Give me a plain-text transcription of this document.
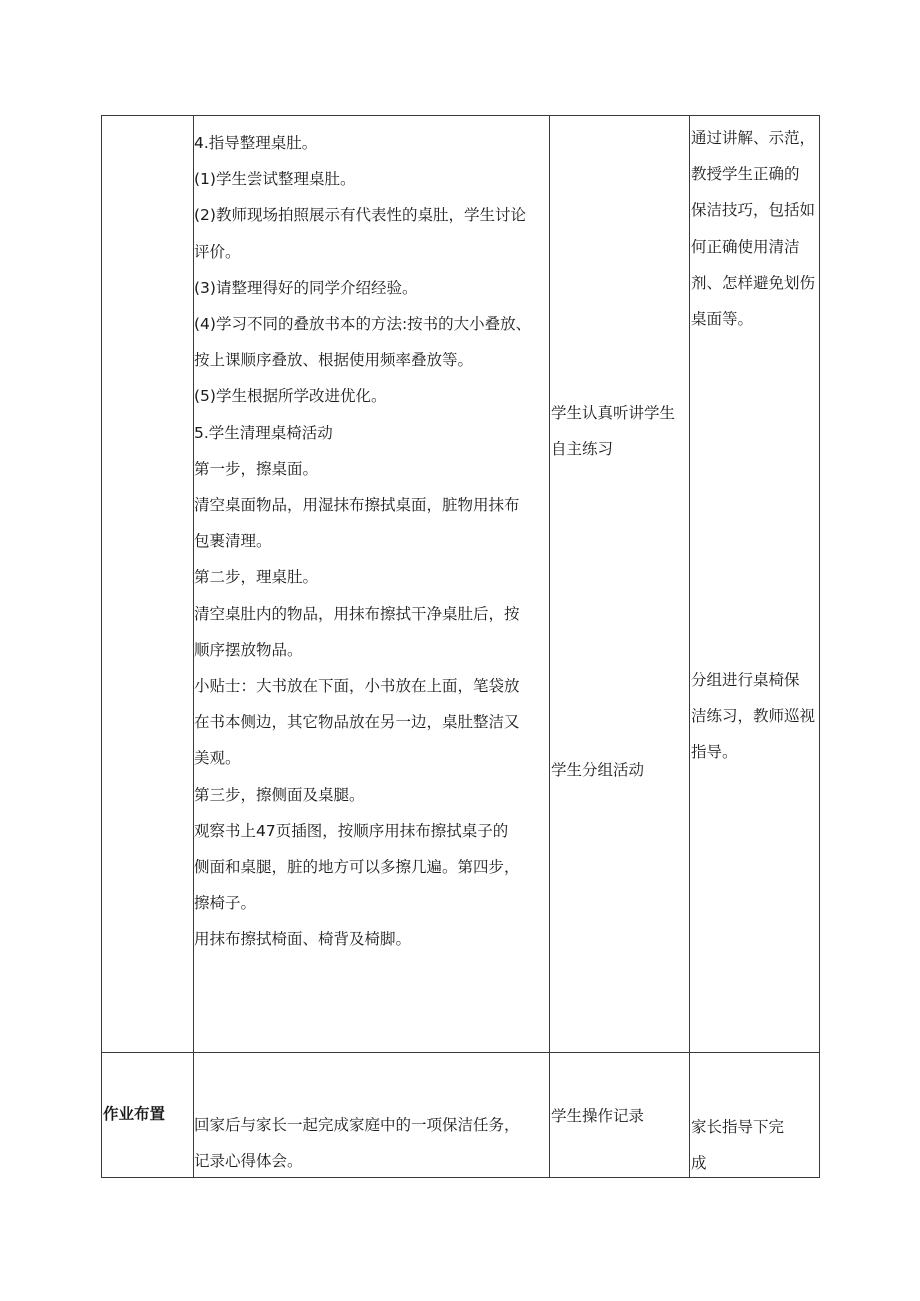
4.指导整理桌肚。

(1)学生尝试整理桌肚。

(2)教师现场拍照展示有代表性的桌肚，学生讨论

评价。

(3)请整理得好的同学介绍经验。

(4)学习不同的叠放书本的方法:按书的大小叠放、

按上课顺序叠放、根据使用频率叠放等。

(5)学生根据所学改进优化。

5.学生清理桌椅活动

第一步，擦桌面。

清空桌面物品，用湿抹布擦拭桌面，脏物用抹布

包裹清理。

第二步，理桌肚。

清空桌肚内的物品，用抹布擦拭干净桌肚后，按

顺序摆放物品。

小贴士：大书放在下面，小书放在上面，笔袋放

在书本侧边，其它物品放在另一边，桌肚整洁又

美观。

第三步，擦侧面及桌腿。

观察书上47页插图，按顺序用抹布擦拭桌子的

侧面和桌腿，脏的地方可以多擦几遍。第四步，

擦椅子。

用抹布擦拭椅面、椅背及椅脚。

学生认真听讲学生

自主练习

学生分组活动

通过讲解、示范，

教授学生正确的

保洁技巧，包括如

何正确使用清洁

剂、怎样避免划伤

桌面等。

分组进行桌椅保

洁练习，教师巡视

指导。

作业布置

回家后与家长一起完成家庭中的一项保洁任务，

记录心得体会。

学生操作记录

家长指导下完

成
